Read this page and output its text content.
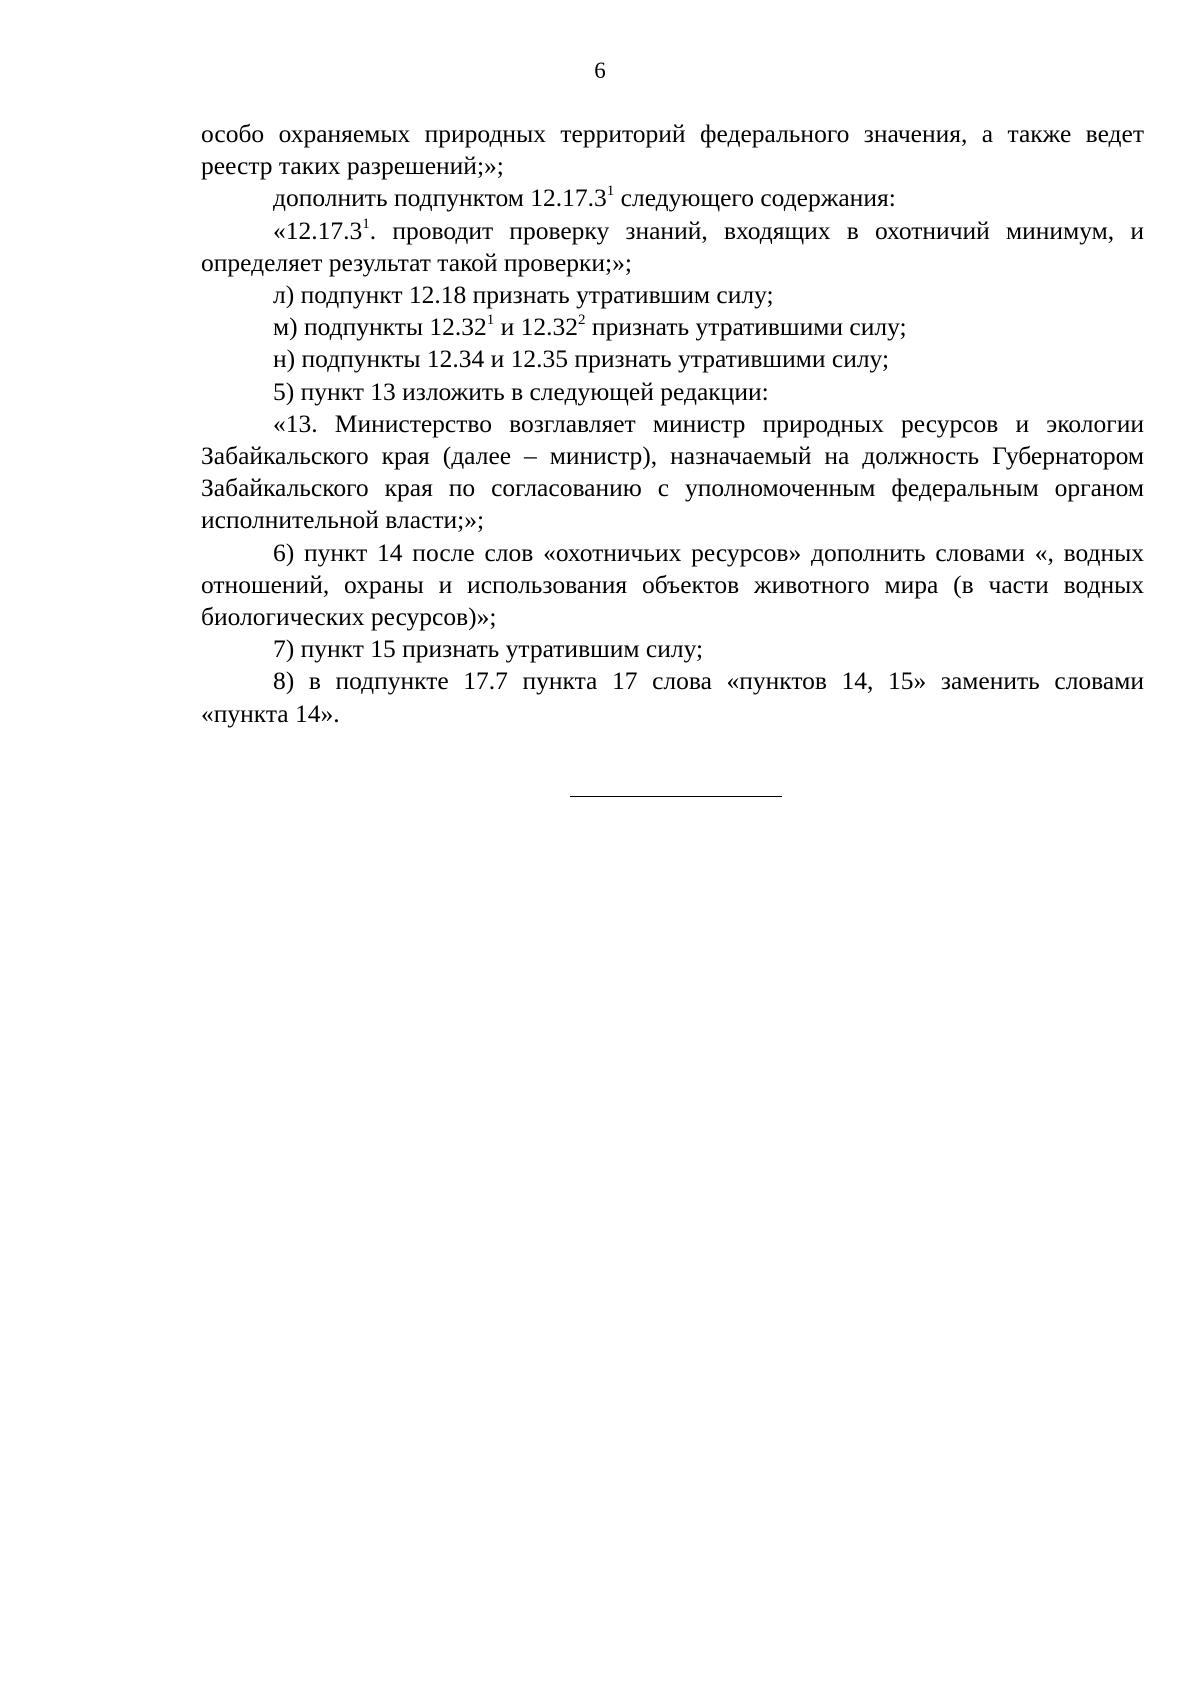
6

особо охраняемых природных территорий федерального значения, а также ведет реестр таких разрешений;»;

дополнить подпунктом 12.17.3$^1$ следующего содержания:

«12.17.3$^1$. проводит проверку знаний, входящих в охотничий минимум, и определяет результат такой проверки;»;

л) подпункт 12.18 признать утратившим силу;

м) подпункты 12.32$^1$ и 12.32$^2$ признать утратившими силу;

н) подпункты 12.34 и 12.35 признать утратившими силу;

5) пункт 13 изложить в следующей редакции:

«13. Министерство возглавляет министр природных ресурсов и экологии Забайкальского края (далее – министр), назначаемый на должность Губернатором Забайкальского края по согласованию с уполномоченным федеральным органом исполнительной власти;»;

6) пункт 14 после слов «охотничьих ресурсов» дополнить словами «, водных отношений, охраны и использования объектов животного мира (в части водных биологических ресурсов)»;

7) пункт 15 признать утратившим силу;

8) в подпункте 17.7 пункта 17 слова «пунктов 14, 15» заменить словами «пункта 14».
